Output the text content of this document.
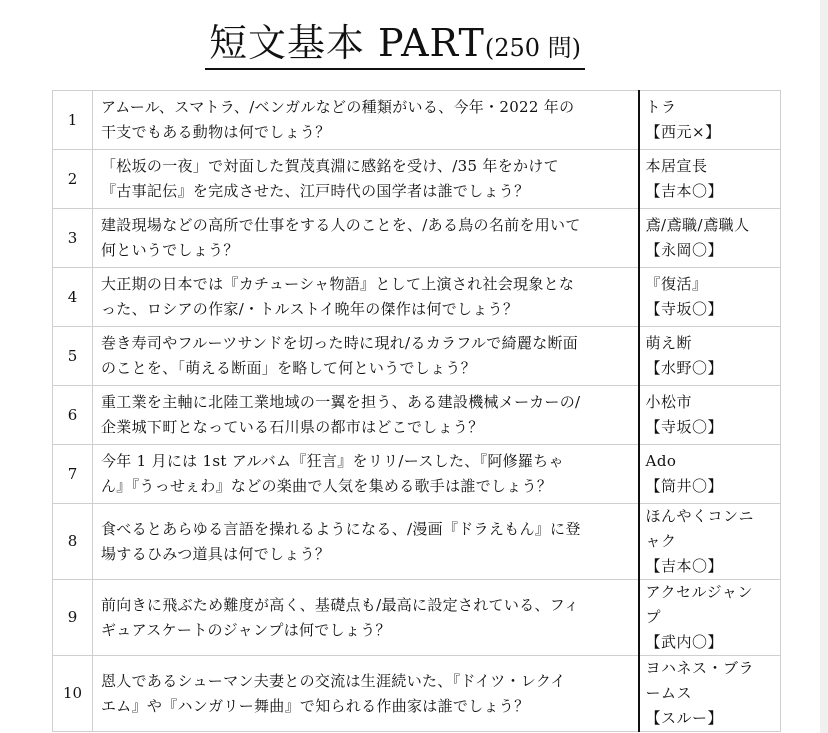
短文基本 PART(250 問)
1	アムール、スマトラ、/ベンガルなどの種類がいる、今年・2022 年の
干支でもある動物は何でしょう？	トラ
【西元×】

2	「松坂の一夜」で対面した賀茂真淵に感銘を受け、/35 年をかけて
『古事記伝』を完成させた、江戸時代の国学者は誰でしょう？	本居宣長
【吉本〇】

3	建設現場などの高所で仕事をする人のことを、/ある鳥の名前を用いて
何というでしょう？	鳶/鳶職/鳶職人
【永岡〇】

4	大正期の日本では『カチューシャ物語』として上演され社会現象とな
った、ロシアの作家/・トルストイ晩年の傑作は何でしょう？	『復活』
【寺坂〇】

5	巻き寿司やフルーツサンドを切った時に現れ/るカラフルで綺麗な断面
のことを、「萌える断面」を略して何というでしょう？	萌え断
【水野〇】

6	重工業を主軸に北陸工業地域の一翼を担う、ある建設機械メーカーの/
企業城下町となっている石川県の都市はどこでしょう？	小松市
【寺坂〇】

7	今年 1 月には 1st アルバム『狂言』をリリ/ースした、『阿修羅ちゃ
ん』『うっせぇわ』などの楽曲で人気を集める歌手は誰でしょう？	Ado
【筒井〇】

8	食べるとあらゆる言語を操れるようになる、/漫画『ドラえもん』に登
場するひみつ道具は何でしょう？	ほんやくコンニ
ャク
【吉本〇】

9	前向きに飛ぶため難度が高く、基礎点も/最高に設定されている、フィ
ギュアスケートのジャンプは何でしょう？	アクセルジャン
プ
【武内〇】

10	恩人であるシューマン夫妻との交流は生涯続いた、『ドイツ・レクイ
エム』や『ハンガリー舞曲』で知られる作曲家は誰でしょう？	ヨハネス・ブラ
ームス
【スルー】
